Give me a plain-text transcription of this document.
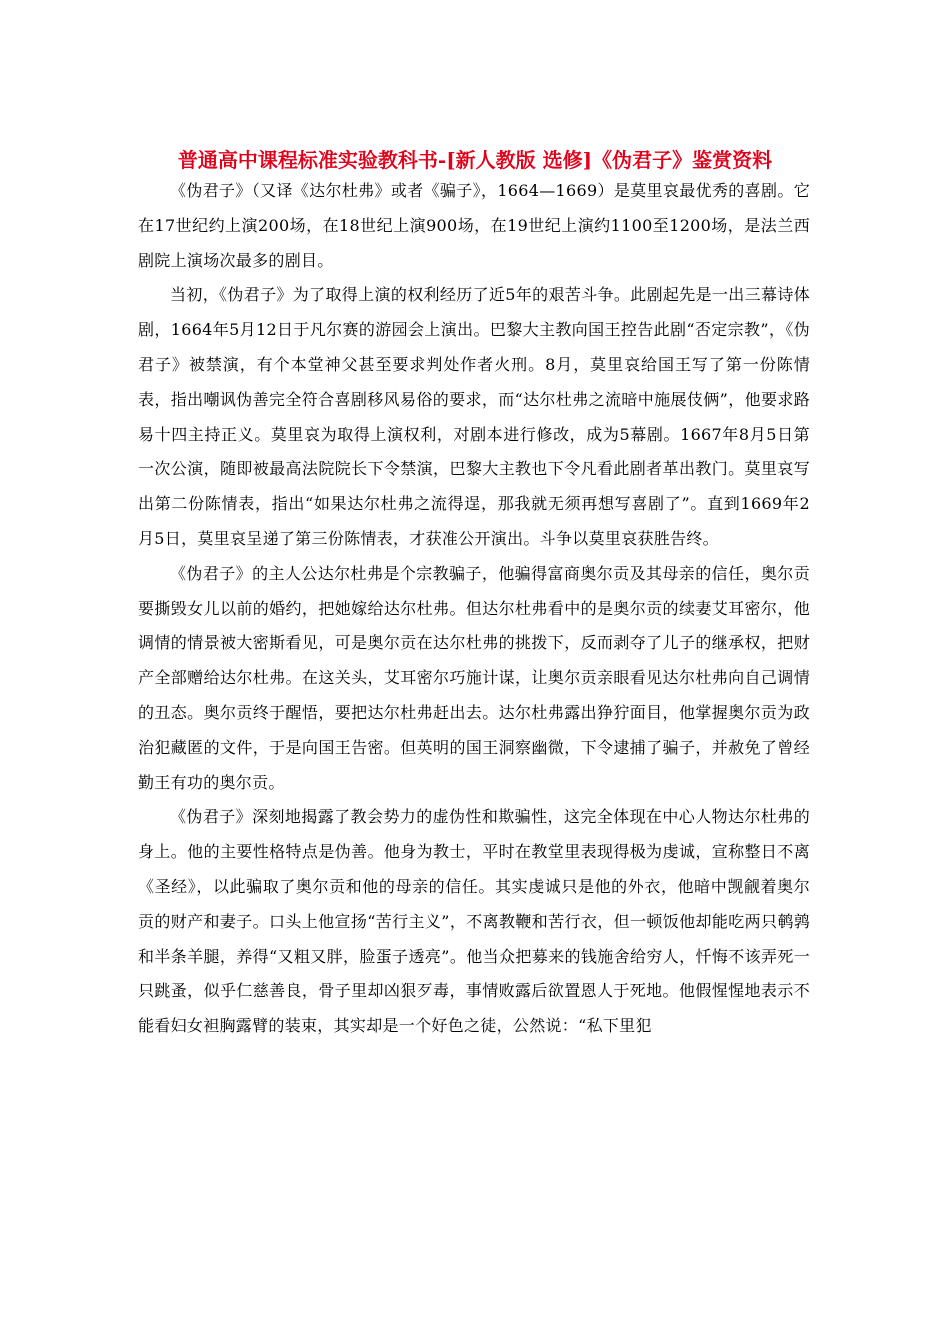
普通高中课程标准实验教科书-[新人教版 选修]《伪君子》鉴赏资料

《伪君子》（又译《达尔杜弗》或者《骗子》，1664—1669）是莫里哀最优秀的喜剧。它在17世纪约上演200场，在18世纪上演900场，在19世纪上演约1100至1200场，是法兰西剧院上演场次最多的剧目。

当初，《伪君子》为了取得上演的权利经历了近5年的艰苦斗争。此剧起先是一出三幕诗体剧，1664年5月12日于凡尔赛的游园会上演出。巴黎大主教向国王控告此剧“否定宗教”，《伪君子》被禁演，有个本堂神父甚至要求判处作者火刑。8月，莫里哀给国王写了第一份陈情表，指出嘲讽伪善完全符合喜剧移风易俗的要求，而“达尔杜弗之流暗中施展伎俩”，他要求路易十四主持正义。莫里哀为取得上演权利，对剧本进行修改，成为5幕剧。1667年8月5日第一次公演，随即被最高法院院长下令禁演，巴黎大主教也下令凡看此剧者革出教门。莫里哀写出第二份陈情表，指出“如果达尔杜弗之流得逞，那我就无须再想写喜剧了”。直到1669年2月5日，莫里哀呈递了第三份陈情表，才获准公开演出。斗争以莫里哀获胜告终。

《伪君子》的主人公达尔杜弗是个宗教骗子，他骗得富商奥尔贡及其母亲的信任，奥尔贡要撕毁女儿以前的婚约，把她嫁给达尔杜弗。但达尔杜弗看中的是奥尔贡的续妻艾耳密尔，他调情的情景被大密斯看见，可是奥尔贡在达尔杜弗的挑拨下，反而剥夺了儿子的继承权，把财产全部赠给达尔杜弗。在这关头，艾耳密尔巧施计谋，让奥尔贡亲眼看见达尔杜弗向自己调情的丑态。奥尔贡终于醒悟，要把达尔杜弗赶出去。达尔杜弗露出狰狞面目，他掌握奥尔贡为政治犯藏匿的文件，于是向国王告密。但英明的国王洞察幽微，下令逮捕了骗子，并赦免了曾经勤王有功的奥尔贡。

《伪君子》深刻地揭露了教会势力的虚伪性和欺骗性，这完全体现在中心人物达尔杜弗的身上。他的主要性格特点是伪善。他身为教士，平时在教堂里表现得极为虔诚，宣称整日不离《圣经》，以此骗取了奥尔贡和他的母亲的信任。其实虔诚只是他的外衣，他暗中觊觎着奥尔贡的财产和妻子。口头上他宣扬“苦行主义”，不离教鞭和苦行衣，但一顿饭他却能吃两只鹌鹑和半条羊腿，养得“又粗又胖，脸蛋子透亮”。他当众把募来的钱施舍给穷人，忏悔不该弄死一只跳蚤，似乎仁慈善良，骨子里却凶狠歹毒，事情败露后欲置恩人于死地。他假惺惺地表示不能看妇女袒胸露臂的装束，其实却是一个好色之徒，公然说：“私下里犯
